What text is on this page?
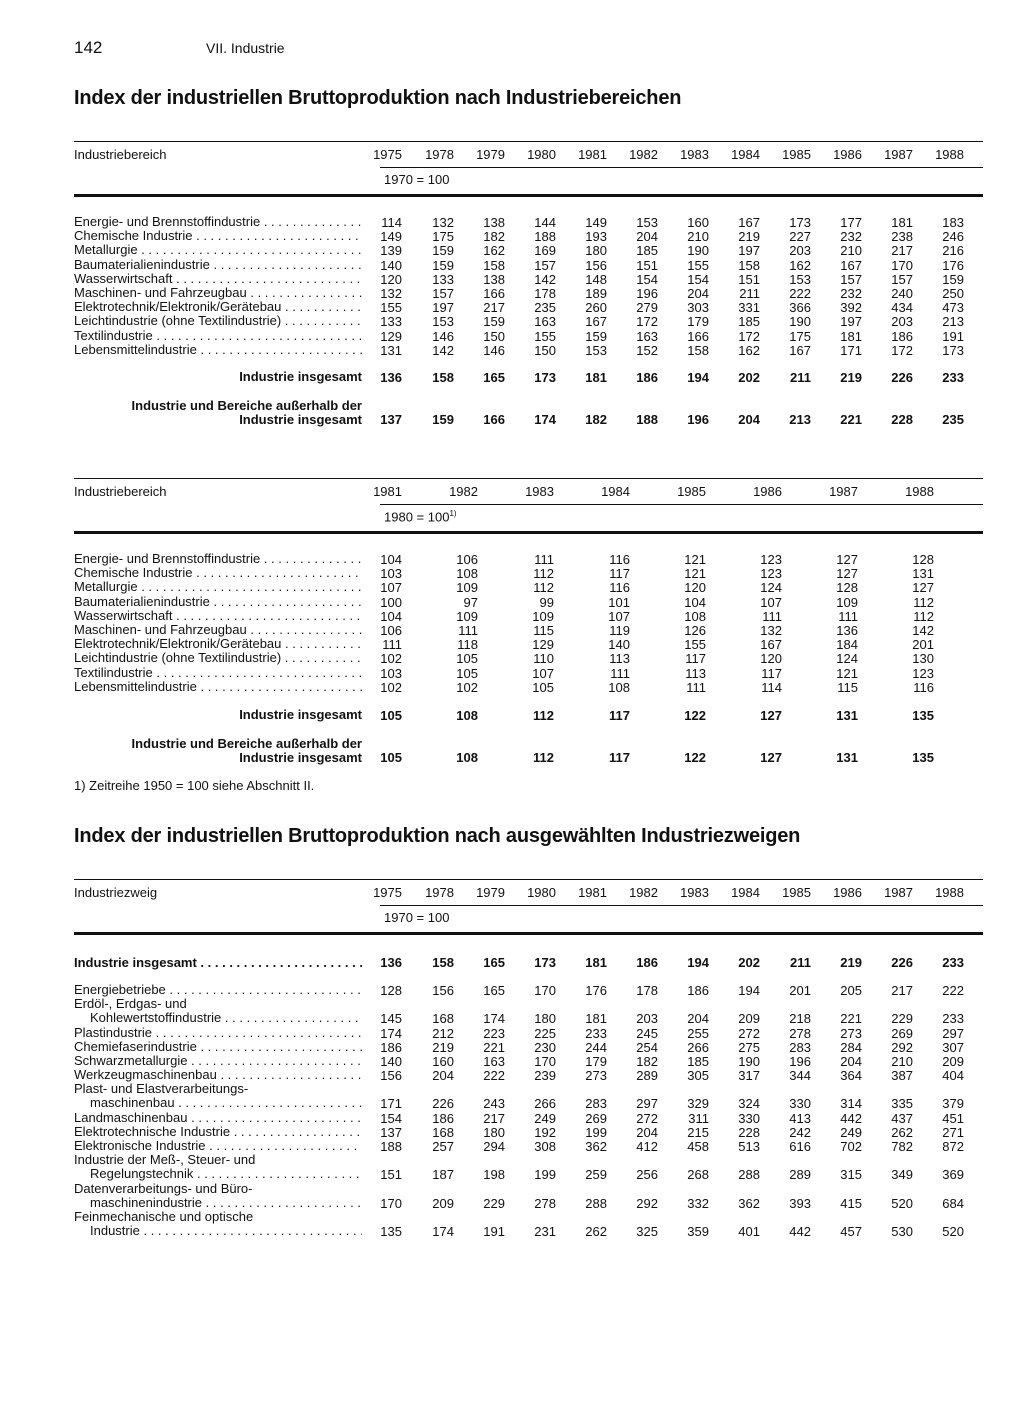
142	VII. Industrie
Index der industriellen Bruttoproduktion nach Industriebereichen
Index der industriellen Bruttoproduktion nach ausgewählten Industriezweigen
Industriebereich	1975	1978	1979	1980	1981	1982	1983	1984	1985	1986	1987	1988
1970 = 100
Energie- und Brennstoffindustrie . . .	114	132	138	144	149	153	160	167	173	177	181	183
Chemische Industrie . . .	149	175	182	188	193	204	210	219	227	232	238	246
Metallurgie . . .	139	159	162	169	180	185	190	197	203	210	217	216
Baumaterialienindustrie . . .	140	159	158	157	156	151	155	158	162	167	170	176
Wasserwirtschaft . . .	120	133	138	142	148	154	154	151	153	157	157	159
Maschinen- und Fahrzeugbau . . .	132	157	166	178	189	196	204	211	222	232	240	250
Elektrotechnik/Elektronik/Gerätebau . . .	155	197	217	235	260	279	303	331	366	392	434	473
Leichtindustrie (ohne Textilindustrie) . . .	133	153	159	163	167	172	179	185	190	197	203	213
Textilindustrie . . .	129	146	150	155	159	163	166	172	175	181	186	191
Lebensmittelindustrie . . .	131	142	146	150	153	152	158	162	167	171	172	173
Industrie insgesamt	136	158	165	173	181	186	194	202	211	219	226	233
Industrie und Bereiche außerhalb der
Industrie insgesamt	137	159	166	174	182	188	196	204	213	221	228	235
Industriebereich	1981	1982	1983	1984	1985	1986	1987	1988
$1980 = 100^{1)}$
Energie- und Brennstoffindustrie . . .	104	106	111	116	121	123	127	128
Chemische Industrie . . .	103	108	112	117	121	123	127	131
Metallurgie . . .	107	109	112	116	120	124	128	127
Baumaterialienindustrie . . .	100	97	99	101	104	107	109	112
Wasserwirtschaft . . .	104	109	109	107	108	111	111	112
Maschinen- und Fahrzeugbau . . .	106	111	115	119	126	132	136	142
Elektrotechnik/Elektronik/Gerätebau . . .	111	118	129	140	155	167	184	201
Leichtindustrie (ohne Textilindustrie) . . .	102	105	110	113	117	120	124	130
Textilindustrie . . .	103	105	107	111	113	117	121	123
Lebensmittelindustrie . . .	102	102	105	108	111	114	115	116
Industrie insgesamt	105	108	112	117	122	127	131	135
Industrie und Bereiche außerhalb der
Industrie insgesamt	105	108	112	117	122	127	131	135
Industriezweig	1975	1978	1979	1980	1981	1982	1983	1984	1985	1986	1987	1988
1970 = 100
Industrie insgesamt . . .	136	158	165	173	181	186	194	202	211	219	226	233
Energiebetriebe . . .	128	156	165	170	176	178	186	194	201	205	217	222
Erdöl-, Erdgas- und
Kohlewertstoffindustrie . . .	145	168	174	180	181	203	204	209	218	221	229	233
Plastindustrie . . .	174	212	223	225	233	245	255	272	278	273	269	297
Chemiefaserindustrie . . .	186	219	221	230	244	254	266	275	283	284	292	307
Schwarzmetallurgie . . .	140	160	163	170	179	182	185	190	196	204	210	209
Werkzeugmaschinenbau . . .	156	204	222	239	273	289	305	317	344	364	387	404
Plast- und Elastverarbeitungs-
maschinenbau . . .	171	226	243	266	283	297	329	324	330	314	335	379
Landmaschinenbau . . .	154	186	217	249	269	272	311	330	413	442	437	451
Elektrotechnische Industrie . . .	137	168	180	192	199	204	215	228	242	249	262	271
Elektronische Industrie . . .	188	257	294	308	362	412	458	513	616	702	782	872
Industrie der Meß-, Steuer- und
Regelungstechnik . . .	151	187	198	199	259	256	268	288	289	315	349	369
Datenverarbeitungs- und Büro-
maschinenindustrie . . .	170	209	229	278	288	292	332	362	393	415	520	684
Feinmechanische und optische
Industrie . . .	135	174	191	231	262	325	359	401	442	457	530	520
1) Zeitreihe 1950 = 100 siehe Abschnitt II.
